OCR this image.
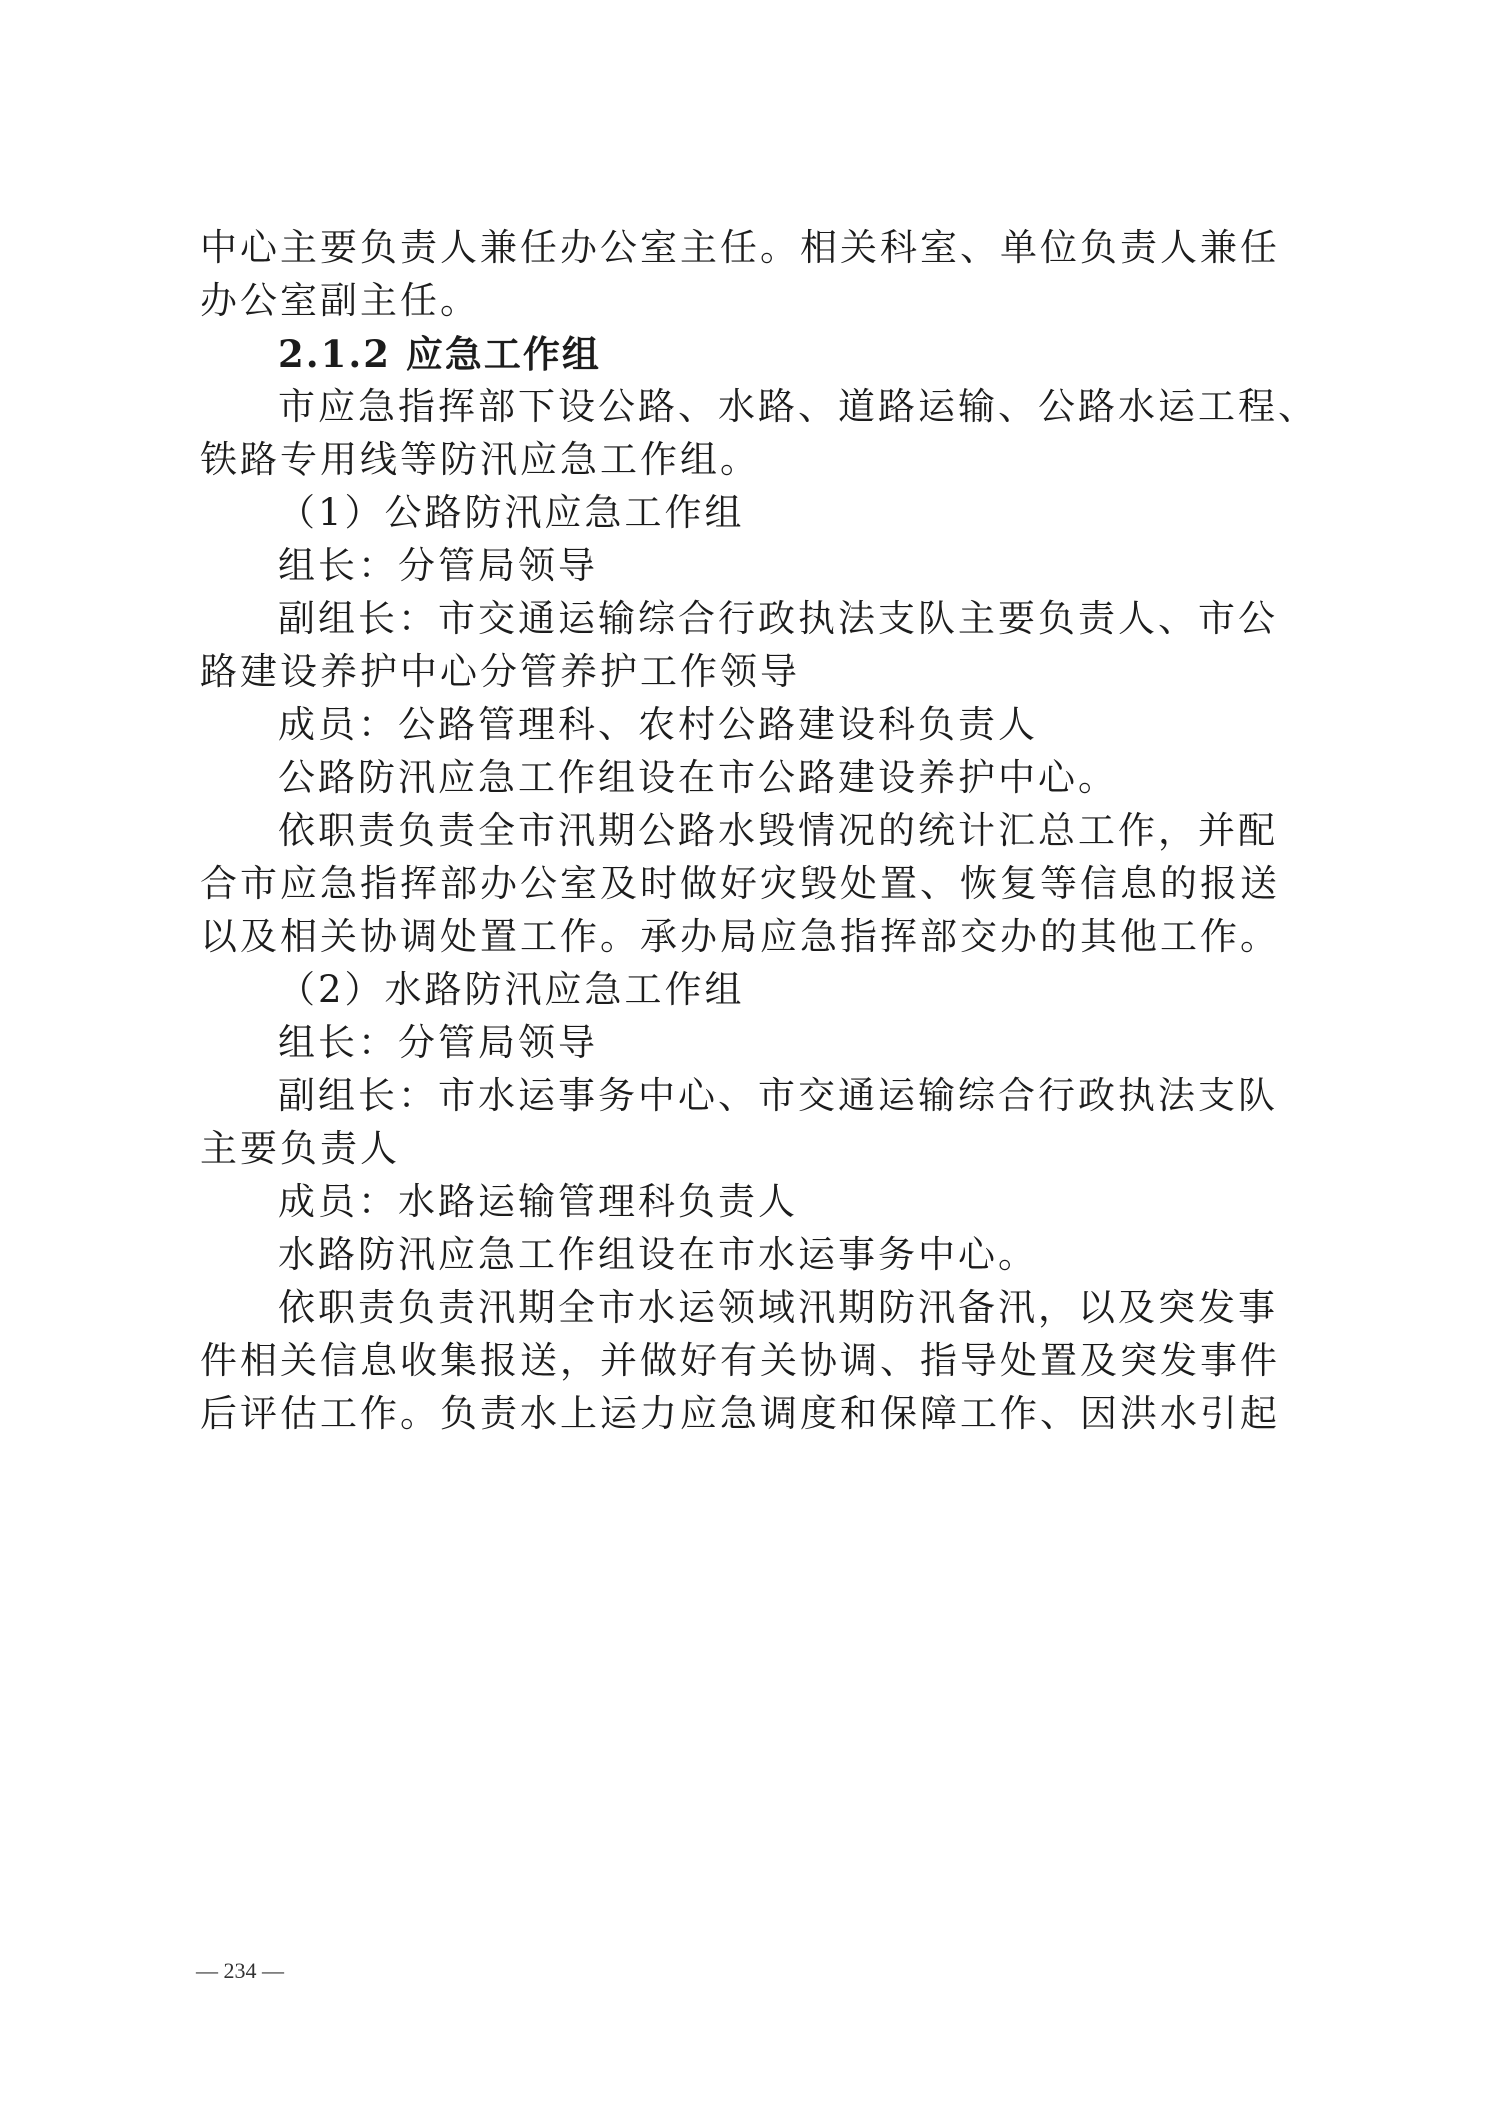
中心主要负责人兼任办公室主任。相关科室、单位负责人兼任
办公室副主任。
2.1.2 应急工作组
市应急指挥部下设公路、水路、道路运输、公路水运工程、
铁路专用线等防汛应急工作组。
（1）公路防汛应急工作组
组长：分管局领导
副组长：市交通运输综合行政执法支队主要负责人、市公
路建设养护中心分管养护工作领导
成员：公路管理科、农村公路建设科负责人
公路防汛应急工作组设在市公路建设养护中心。
依职责负责全市汛期公路水毁情况的统计汇总工作，并配
合市应急指挥部办公室及时做好灾毁处置、恢复等信息的报送
以及相关协调处置工作。承办局应急指挥部交办的其他工作。
（2）水路防汛应急工作组
组长：分管局领导
副组长：市水运事务中心、市交通运输综合行政执法支队
主要负责人
成员：水路运输管理科负责人
水路防汛应急工作组设在市水运事务中心。
依职责负责汛期全市水运领域汛期防汛备汛，以及突发事
件相关信息收集报送，并做好有关协调、指导处置及突发事件
后评估工作。负责水上运力应急调度和保障工作、因洪水引起
— 234 —
